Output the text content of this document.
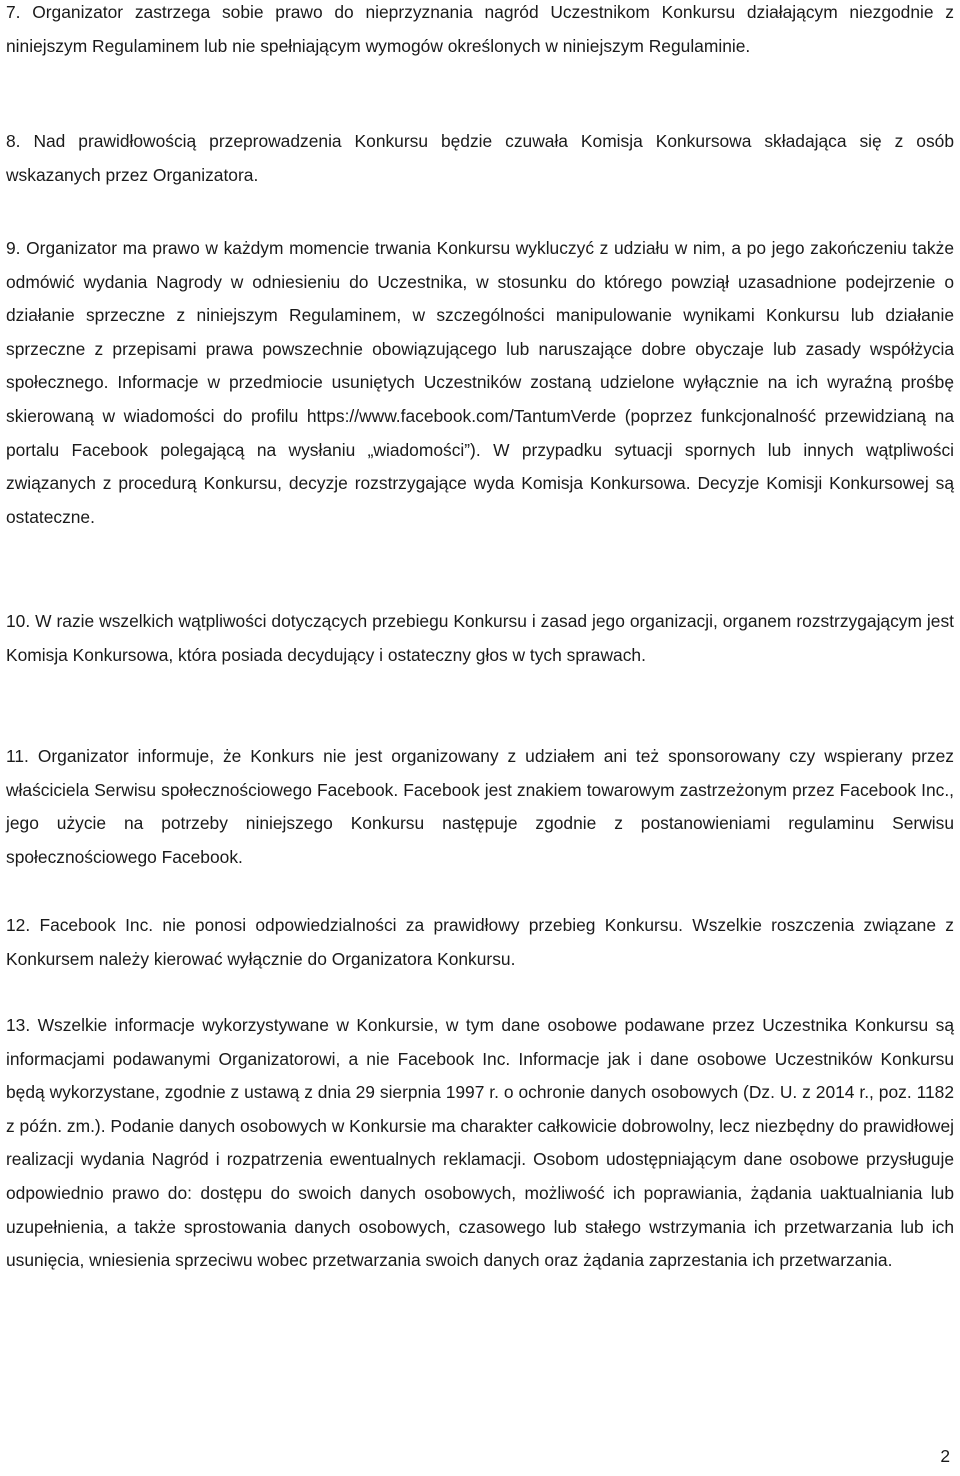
7. Organizator zastrzega sobie prawo do nieprzyznania nagród Uczestnikom Konkursu działającym niezgodnie z niniejszym Regulaminem lub nie spełniającym wymogów określonych w niniejszym Regulaminie.

8. Nad prawidłowością przeprowadzenia Konkursu będzie czuwała Komisja Konkursowa składająca się z osób wskazanych przez Organizatora.

9. Organizator ma prawo w każdym momencie trwania Konkursu wykluczyć z udziału w nim, a po jego zakończeniu także odmówić wydania Nagrody w odniesieniu do Uczestnika, w stosunku do którego powziął uzasadnione podejrzenie o działanie sprzeczne z niniejszym Regulaminem, w szczególności manipulowanie wynikami Konkursu lub działanie sprzeczne z przepisami prawa powszechnie obowiązującego lub naruszające dobre obyczaje lub zasady współżycia społecznego. Informacje w przedmiocie usuniętych Uczestników zostaną udzielone wyłącznie na ich wyraźną prośbę skierowaną w wiadomości do profilu https://www.facebook.com/TantumVerde (poprzez funkcjonalność przewidzianą na portalu Facebook polegającą na wysłaniu „wiadomości”). W przypadku sytuacji spornych lub innych wątpliwości związanych z procedurą Konkursu, decyzje rozstrzygające wyda Komisja Konkursowa. Decyzje Komisji Konkursowej są ostateczne.

10. W razie wszelkich wątpliwości dotyczących przebiegu Konkursu i zasad jego organizacji, organem rozstrzygającym jest Komisja Konkursowa, która posiada decydujący i ostateczny głos w tych sprawach.

11. Organizator informuje, że Konkurs nie jest organizowany z udziałem ani też sponsorowany czy wspierany przez właściciela Serwisu społecznościowego Facebook. Facebook jest znakiem towarowym zastrzeżonym przez Facebook Inc., jego użycie na potrzeby niniejszego Konkursu następuje zgodnie z postanowieniami regulaminu Serwisu społecznościowego Facebook.

12. Facebook Inc. nie ponosi odpowiedzialności za prawidłowy przebieg Konkursu. Wszelkie roszczenia związane z Konkursem należy kierować wyłącznie do Organizatora Konkursu.

13. Wszelkie informacje wykorzystywane w Konkursie, w tym dane osobowe podawane przez Uczestnika Konkursu są informacjami podawanymi Organizatorowi, a nie Facebook Inc. Informacje jak i dane osobowe Uczestników Konkursu będą wykorzystane, zgodnie z ustawą z dnia 29 sierpnia 1997 r. o ochronie danych osobowych (Dz. U. z 2014 r., poz. 1182 z późn. zm.). Podanie danych osobowych w Konkursie ma charakter całkowicie dobrowolny, lecz niezbędny do prawidłowej realizacji wydania Nagród i rozpatrzenia ewentualnych reklamacji. Osobom udostępniającym dane osobowe przysługuje odpowiednio prawo do: dostępu do swoich danych osobowych, możliwość ich poprawiania, żądania uaktualniania lub uzupełnienia, a także sprostowania danych osobowych, czasowego lub stałego wstrzymania ich przetwarzania lub ich usunięcia, wniesienia sprzeciwu wobec przetwarzania swoich danych oraz żądania zaprzestania ich przetwarzania.

2
